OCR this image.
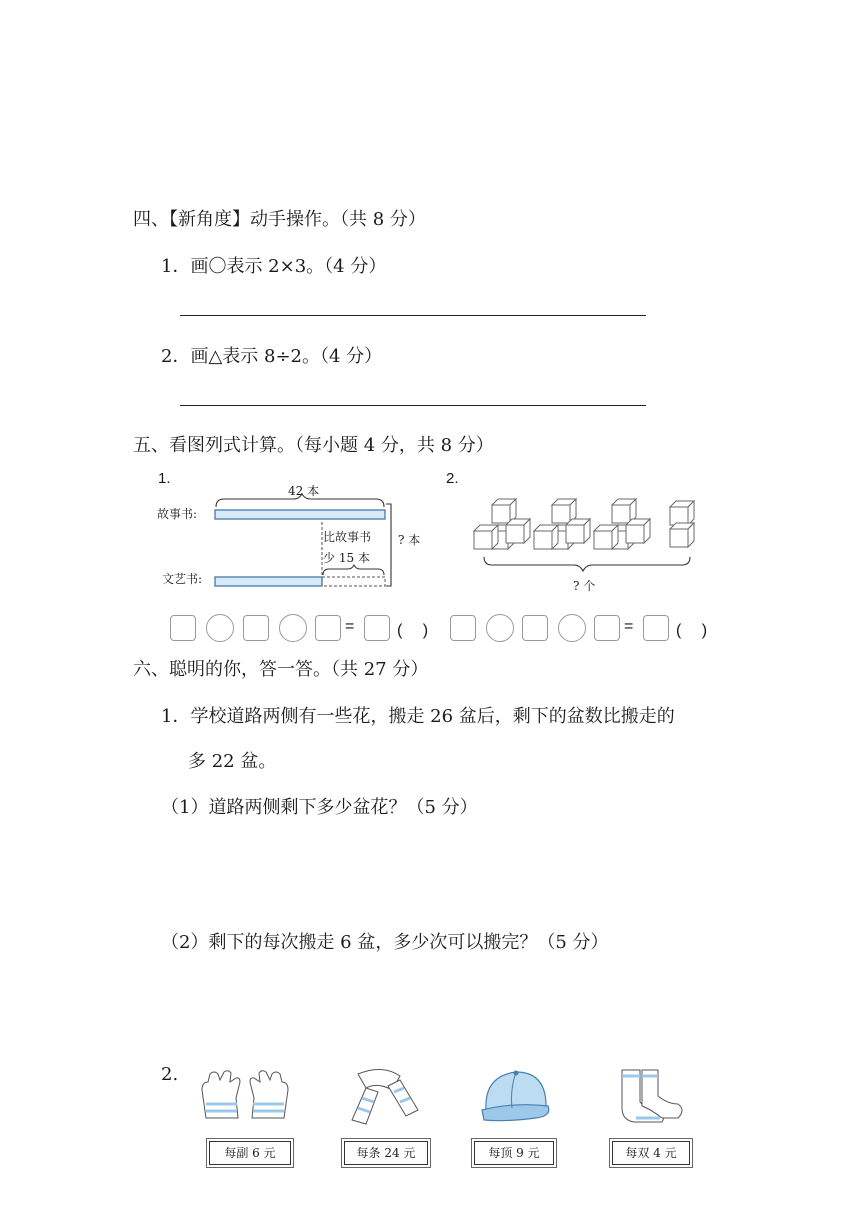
四、【新角度】动手操作。（共 8 分）
1．画〇表示 2×3。（4 分）
2．画△表示 8÷2。（4 分）
五、看图列式计算。（每小题 4 分，共 8 分）
1.
42 本
故事书:
比故事书
少 15 本
? 本
文艺书:
2.
? 个
=	(　 )	=	(　 )
六、聪明的你，答一答。（共 27 分）
1．学校道路两侧有一些花，搬走 26 盆后，剩下的盆数比搬走的
多 22 盆。
（1）道路两侧剩下多少盆花？（5 分）
（2）剩下的每次搬走 6 盆，多少次可以搬完？（5 分）
2.
每副 6 元	每条 24 元	每顶 9 元	每双 4 元
